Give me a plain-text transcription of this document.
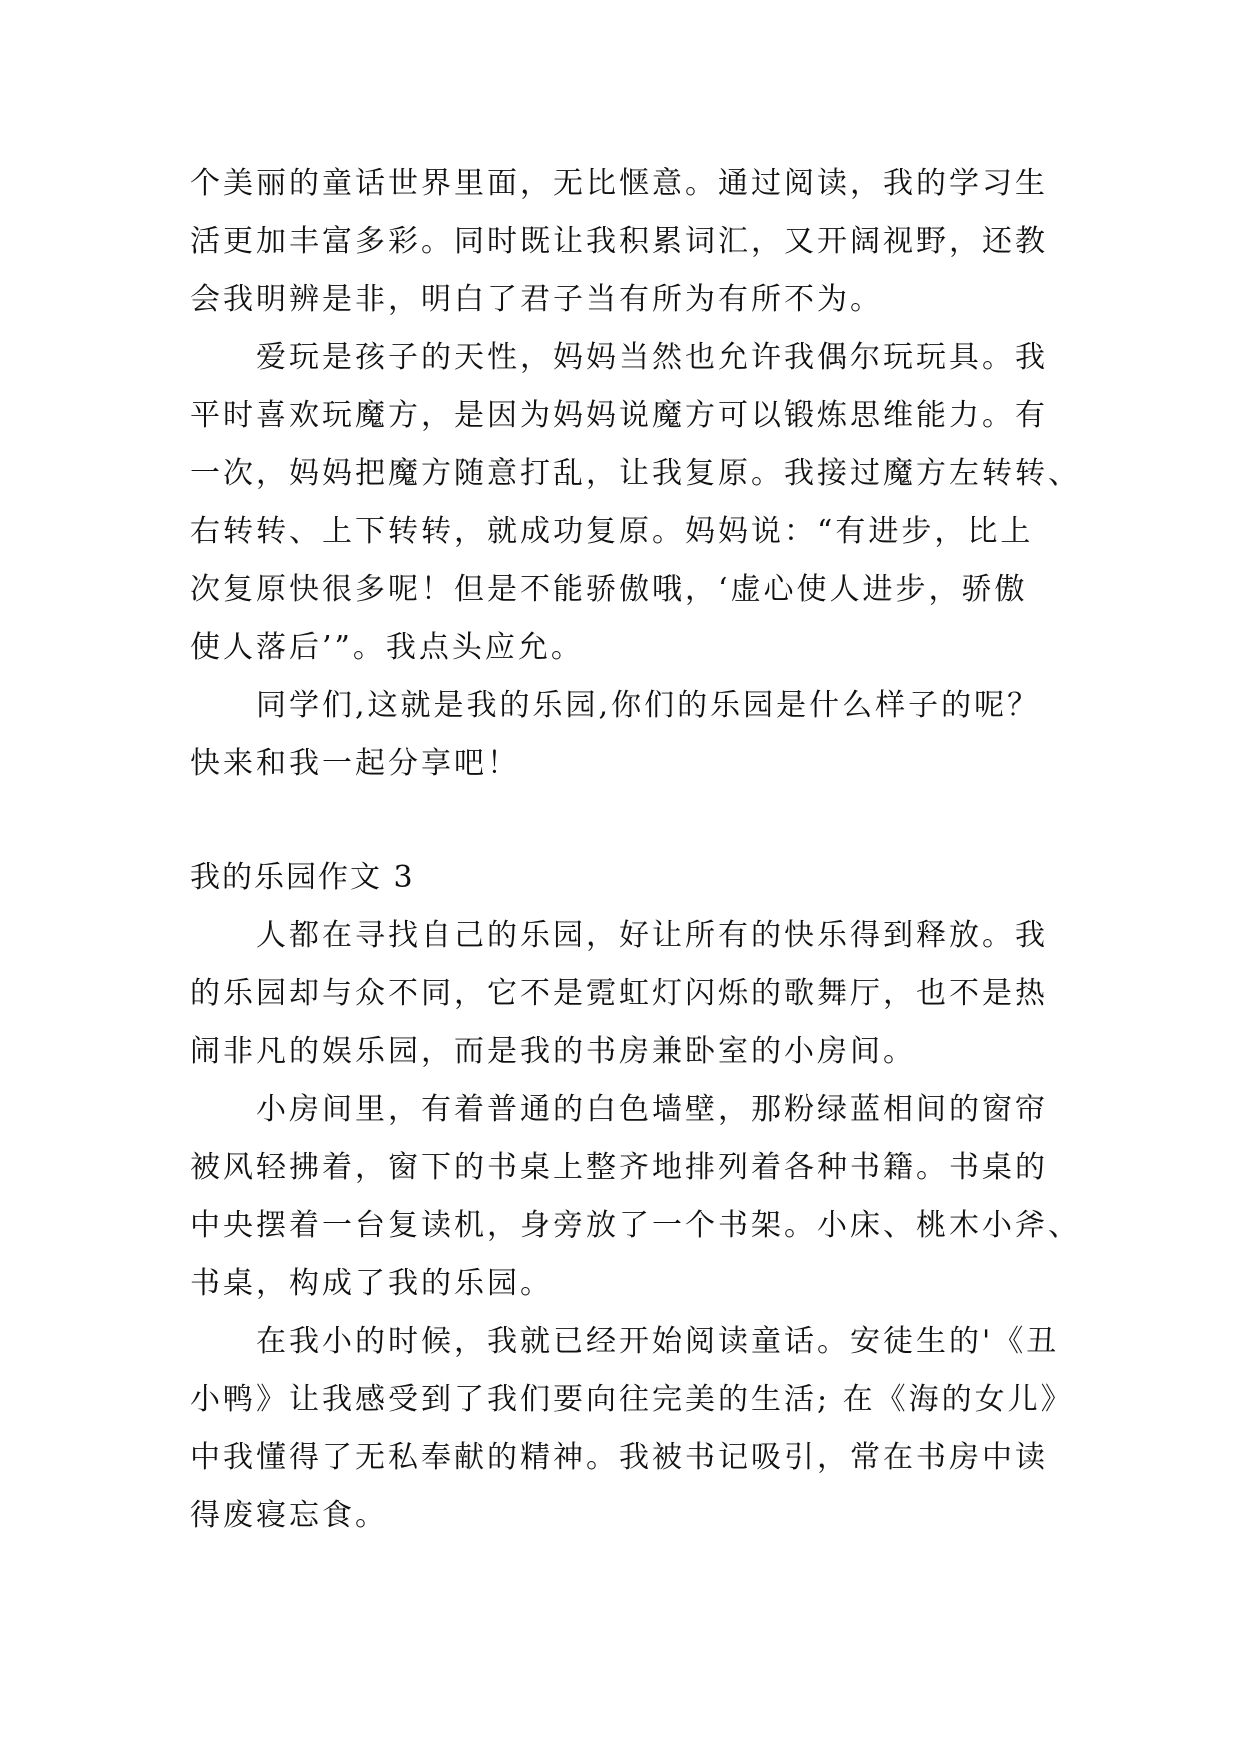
个美丽的童话世界里面，无比惬意。通过阅读，我的学习生

活更加丰富多彩。同时既让我积累词汇，又开阔视野，还教

会我明辨是非，明白了君子当有所为有所不为。

爱玩是孩子的天性，妈妈当然也允许我偶尔玩玩具。我

平时喜欢玩魔方，是因为妈妈说魔方可以锻炼思维能力。有

一次，妈妈把魔方随意打乱，让我复原。我接过魔方左转转、

右转转、上下转转，就成功复原。妈妈说：“有进步，比上

次复原快很多呢！但是不能骄傲哦，‘虚心使人进步，骄傲

使人落后’”。我点头应允。

同学们,这就是我的乐园,你们的乐园是什么样子的呢？

快来和我一起分享吧！

我的乐园作文 3

人都在寻找自己的乐园，好让所有的快乐得到释放。我

的乐园却与众不同，它不是霓虹灯闪烁的歌舞厅，也不是热

闹非凡的娱乐园，而是我的书房兼卧室的小房间。

小房间里，有着普通的白色墙壁，那粉绿蓝相间的窗帘

被风轻拂着，窗下的书桌上整齐地排列着各种书籍。书桌的

中央摆着一台复读机，身旁放了一个书架。小床、桃木小斧、

书桌，构成了我的乐园。

在我小的时候，我就已经开始阅读童话。安徒生的'《丑

小鸭》让我感受到了我们要向往完美的生活; 在《海的女儿》

中我懂得了无私奉献的精神。我被书记吸引，常在书房中读

得废寝忘食。
